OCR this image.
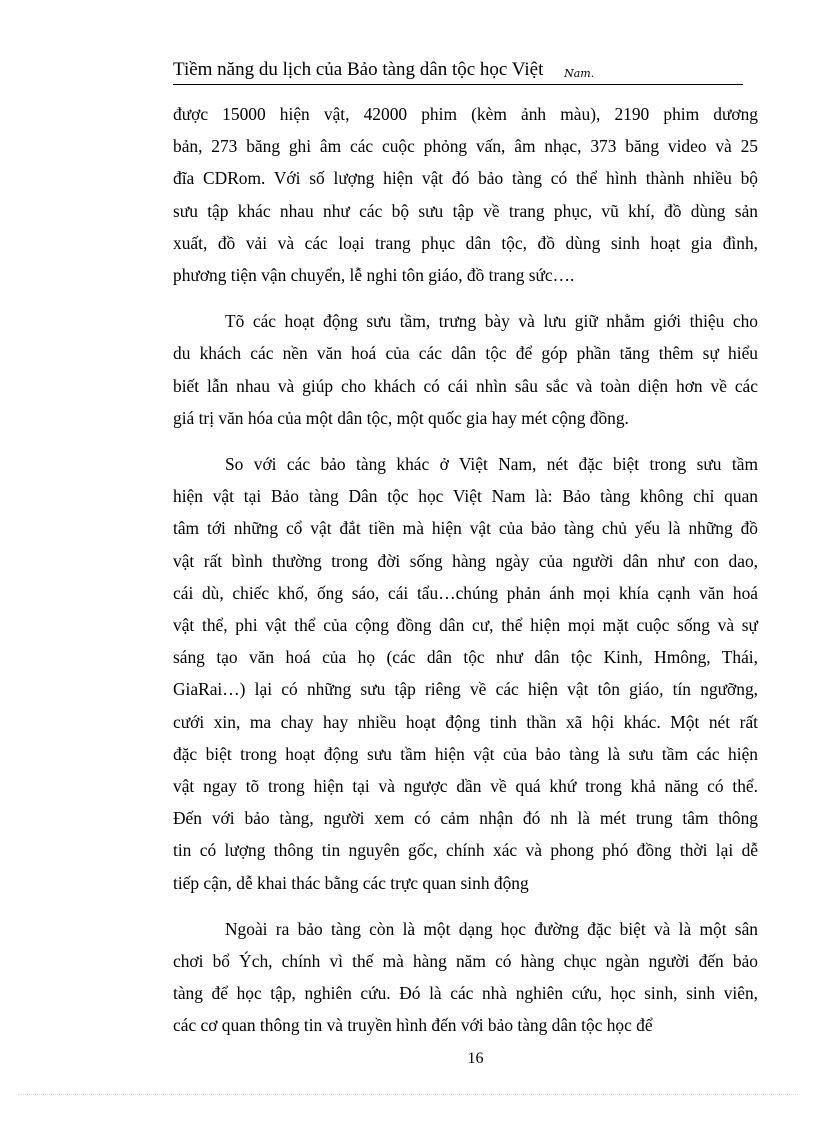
Tiềm năng du lịch của Bảo tàng dân tộc học Việt Nam.
được 15000 hiện vật, 42000 phim (kèm ảnh màu), 2190 phim dương
bản, 273 băng ghi âm các cuộc phỏng vấn, âm nhạc, 373 băng video và 25
đĩa CDRom. Với số lượng hiện vật đó bảo tàng có thể hình thành nhiều bộ
sưu tập khác nhau như các bộ sưu tập về trang phục, vũ khí, đồ dùng sản
xuất, đồ vải và các loại trang phục dân tộc, đồ dùng sinh hoạt gia đình,
phương tiện vận chuyển, lễ nghi tôn giáo, đồ trang sức….
Tõ các hoạt động sưu tầm, trưng bày và lưu giữ nhằm giới thiệu cho
du khách các nền văn hoá của các dân tộc để góp phần tăng thêm sự hiểu
biết lẫn nhau và giúp cho khách có cái nhìn sâu sắc và toàn diện hơn về các
giá trị văn hóa của một dân tộc, một quốc gia hay mét cộng đồng.
So với các bảo tàng khác ở Việt Nam, nét đặc biệt trong sưu tầm
hiện vật tại Bảo tàng Dân tộc học Việt Nam là: Bảo tàng không chỉ quan
tâm tới những cổ vật đắt tiền mà hiện vật của bảo tàng chủ yếu là những đồ
vật rất bình thường trong đời sống hàng ngày của người dân như con dao,
cái dù, chiếc khố, ống sáo, cái tẩu…chúng phản ánh mọi khía cạnh văn hoá
vật thể, phi vật thể của cộng đồng dân cư, thể hiện mọi mặt cuộc sống và sự
sáng tạo văn hoá của họ (các dân tộc như dân tộc Kinh, Hmông, Thái,
GiaRai…) lại có những sưu tập riêng về các hiện vật tôn giáo, tín ngưỡng,
cưới xin, ma chay hay nhiều hoạt động tinh thần xã hội khác. Một nét rất
đặc biệt trong hoạt động sưu tầm hiện vật của bảo tàng là sưu tầm các hiện
vật ngay tõ trong hiện tại và ngược dần về quá khứ trong khả năng có thể.
Đến với bảo tàng, người xem có cảm nhận đó nh là mét trung tâm thông
tin có lượng thông tin nguyên gốc, chính xác và phong phó đồng thời lại dễ
tiếp cận, dễ khai thác bằng các trực quan sinh động
Ngoài ra bảo tàng còn là một dạng học đường đặc biệt và là một sân
chơi bổ Ých, chính vì thế mà hàng năm có hàng chục ngàn người đến bảo
tàng để học tập, nghiên cứu. Đó là các nhà nghiên cứu, học sinh, sinh viên,
các cơ quan thông tin và truyền hình đến với bảo tàng dân tộc học để
16
